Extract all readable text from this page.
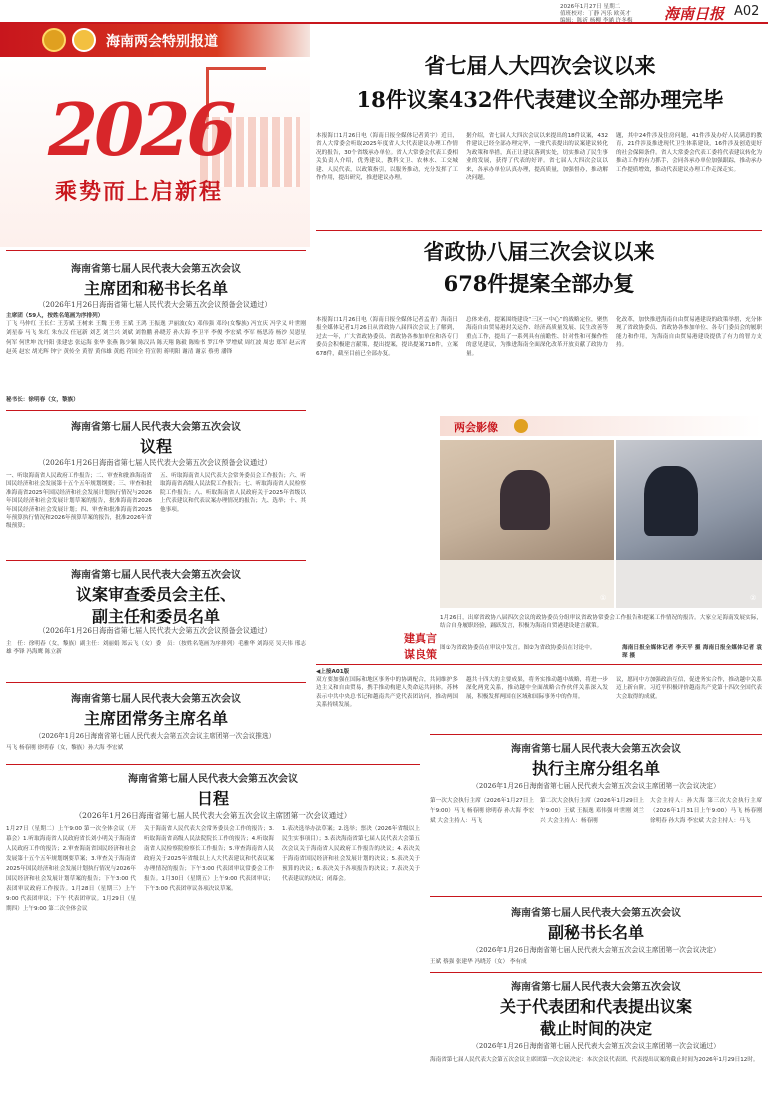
2026年1月27日 星期二
值班校对：丁静 冯乐 欧英才
编辑：陈祈 杨柳 李涵 许冬梅 海南日报 A02
海南两会特别报道
2026
乘势而上启新程
省七届人大四次会议以来
18件议案432件代表建议全部办理完毕
本报海口1月26日电（海南日报全媒体记者黄宇）近日，省人大常委会听取2025年度省人大代表建议办理工作情况的报告，30个省级承办单位。省人大常委会代表工委相关负责人介绍，优秀建议，教科文卫、农林水、工交城建、人民代表，以政策指引，以服务推动，充分发挥了工作作用，提出研究，推进建议办理。
据介绍，省七届人大四次会议以来提出的18件议案，432件建议已经全部办理完毕，一批代表提出的议案建议转化为政策和举措，真正让建议落到实处，切实推动了民生事业的发展，获得了代表的好评。省七届人大四次会议以来，各承办单位认真办理，提高质量，加强督办，推动解决问题。
题，其中24件涉及住房问题，41件涉及办好人民满意的教育，21件涉及推进现代卫生体系建设，16件涉及创造更好的社会保障条件。省人大常委会代表工委将代表建议转化为推动工作的有力抓手，会同各承办单位加强跟踪，推动承办工作提质增效，推动代表建议办理工作走深走实。
省政协八届三次会议以来
678件提案全部办复
本报海口1月26日电（海南日报全媒体记者孟青）海南日报全媒体记者1月26日从省政协八届四次会议上了解到，过去一年，广大省政协委员、省政协各参加单位和各专门委员会积极建言献策，提出提案，提出提案718件，立案678件，截至目前已全部办复。
总体来看，提案围绕建设“三区一中心”的战略定位，聚焦海南自由贸易港封关运作、经济高质量发展、民生改善等重点工作，提出了一系列具有前瞻性、针对性和可操作性的意见建议，为推进海南全面深化改革开放贡献了政协力量。
化改革，加快推进海南自由贸易港建设的政策举措，充分体现了省政协委员、省政协各参加单位、各专门委员会的履职能力和作用，为海南自由贸易港建设提供了有力的智力支持。
海南省第七届人民代表大会第五次会议
主席团和秘书长名单
（2026年1月26日海南省第七届人民代表大会第五次会议预备会议通过）
主席团（59人，按姓名笔画为序排列）
丁飞 马仲红 王长仁 王芳斌 王树来 王魏 王勇 王斌 王鸿 王振逸 尹丽波(女) 邓伟强 邓玲(女黎族) 冯宜庆 冯学义 叶世刚 刘星泰 马飞 朱红 朱东汉 任冠新 刘艺 刘兰兴 刘斌 刘鲁鹏 孙晓芳 孙大海 李卫平 李俊 李宏斌 李军 杨思涛 杨沙 吴恩星 何军 何世坤 沈丹阳 张建忠 张运海 张华 张燕 陈少颖 陈汉昌 陈天翔 陈毅 陈贻书 罗江华 罗增斌 周红波 周忠 郑军 赵云霄 赵英 赵宏 胡光辉 钟宁 黄传全 黄智 黄伟雄 黄彪 符国全 符宣朝 蒋明阳 谢清 谢京 蔡勇 潘锋
秘书长：徐明春（女，黎族）
海南省第七届人民代表大会第五次会议
议程
（2026年1月26日海南省第七届人民代表大会第五次会议预备会议通过）
一、听取海南省人民政府工作报告；二、审查和批准海南省国民经济和社会发展第十五个五年规划纲要；三、审查和批准海南省2025年国民经济和社会发展计划执行情况与2026年国民经济和社会发展计划草案的报告，批准海南省2026年国民经济和社会发展计划；四、审查和批准海南省2025年预算执行情况和2026年预算草案的报告，批准2026年省级预算；
五、听取海南省人民代表大会常务委员会工作报告；六、听取海南省高级人民法院工作报告；七、听取海南省人民检察院工作报告；八、听取海南省人民政府关于2025年省级以上代表建议和代表议案办理情况的报告；九、选举；十、其他事项。
海南省第七届人民代表大会第五次会议
议案审查委员会主任、
副主任和委员名单
（2026年1月26日海南省第七届人民代表大会第五次会议预备会议通过）
主　任：徐明春（女，黎族）副主任：刘丽娟 郑云飞（女）委　员：（按姓名笔画为序排列）毛雅华 刘海亮 吴天伟 邢志雄 李锋 冯海鹰 陈立新
海南省第七届人民代表大会第五次会议
主席团常务主席名单
（2026年1月26日海南省第七届人民代表大会第五次会议主席团第一次会议推选）
马飞 杨春刚 徐明春（女，黎族）孙大海 李宏斌
两会影像
①	②
建真言
谋良策
1月26日，出席省政协八届四次会议的政协委员分组审议省政协常委会工作报告和提案工作情况的报告。大家立足海南发展实际，结合自身履职经验，踊跃发言，积极为海南自贸港建设建言献策。
图①为省政协委员在审议中发言。图②为省政协委员在讨论中。	海南日报全媒体记者 李天平 摄 海南日报全媒体记者 袁琛 摄
◀上接A01版
双方要加强在国际和地区事务中的协调配合，共同维护多边主义和自由贸易，携手推动构建人类命运共同体。苏林表示中共中央总书记和越南共产党代表团访问，推动两国关系持续发展。
越共十四大的主要成果，将务实推动越中战略，将进一步深化两党关系，推动越中全面战略合作伙伴关系深入发展，积极发挥两国在区域和国际事务中的作用。
议，愿同中方加强政治互信，促进务实合作，推动越中关系迈上新台阶。习近平积极评价越南共产党第十四次全国代表大会取得的成就。
海南省第七届人民代表大会第五次会议
日程
（2026年1月26日海南省第七届人民代表大会第五次会议主席团第一次会议通过）
1月27日（星期二）上午9:00 第一次全体会议（开幕会）1.听取海南省人民政府省长刘小明关于海南省人民政府工作的报告；2.审查海南省国民经济和社会发展第十五个五年规划纲要草案；3.审查关于海南省2025年国民经济和社会发展计划执行情况与2026年国民经济和社会发展计划草案的报告；下午3:00 代表团审议政府工作报告。1月28日（星期三）上午9:00 代表团审议；下午 代表团审议。1月29日（星期四）上午9:00 第二次全体会议
关于海南省人民代表大会常务委员会工作的报告；3.听取海南省高级人民法院院长工作的报告；4.听取海南省人民检察院检察长工作报告；5.审查海南省人民政府关于2025年省级以上人大代表建议和代表议案办理情况的报告；下午3:00 代表团审议常委会工作报告。1月30日（星期五）上午9:00 代表团审议；下午3:00 代表团审议各项决议草案。
1.表决选举办法草案；2.选举；票决（2026年省级以上民生实事项目）；3.表决海南省第七届人民代表大会第五次会议关于海南省人民政府工作报告的决议；4.表决关于海南省国民经济和社会发展计划的决议；5.表决关于预算的决议；6.表决关于各项报告的决议；7.表决关于代表建议的决议；闭幕会。
海南省第七届人民代表大会第五次会议
执行主席分组名单
（2026年1月26日海南省第七届人民代表大会第五次会议主席团第一次会议决定）
第一次大会执行主席（2026年1月27日上午9:00）马飞 杨春刚 徐明春 孙大海 李宏斌 大会主持人：马飞
第二次大会执行主席（2026年1月29日上午9:00）王斌 王振逸 邓伟强 叶世刚 刘兰兴 大会主持人：杨春刚
大会主持人：孙大海 第三次大会执行主席（2026年1月31日上午9:00）马飞 杨春刚 徐明春 孙大海 李宏斌 大会主持人：马飞
海南省第七届人民代表大会第五次会议
副秘书长名单
（2026年1月26日海南省第七届人民代表大会第五次会议主席团第一次会议决定）
王斌 蔡强 张建华 冯晓芳（女） 李有成
海南省第七届人民代表大会第五次会议
关于代表团和代表提出议案
截止时间的决定
（2026年1月26日海南省第七届人民代表大会第五次会议主席团第一次会议通过）
海南省第七届人民代表大会第五次会议主席团第一次会议决定：本次会议代表团、代表提出议案的截止时间为2026年1月29日12时。
